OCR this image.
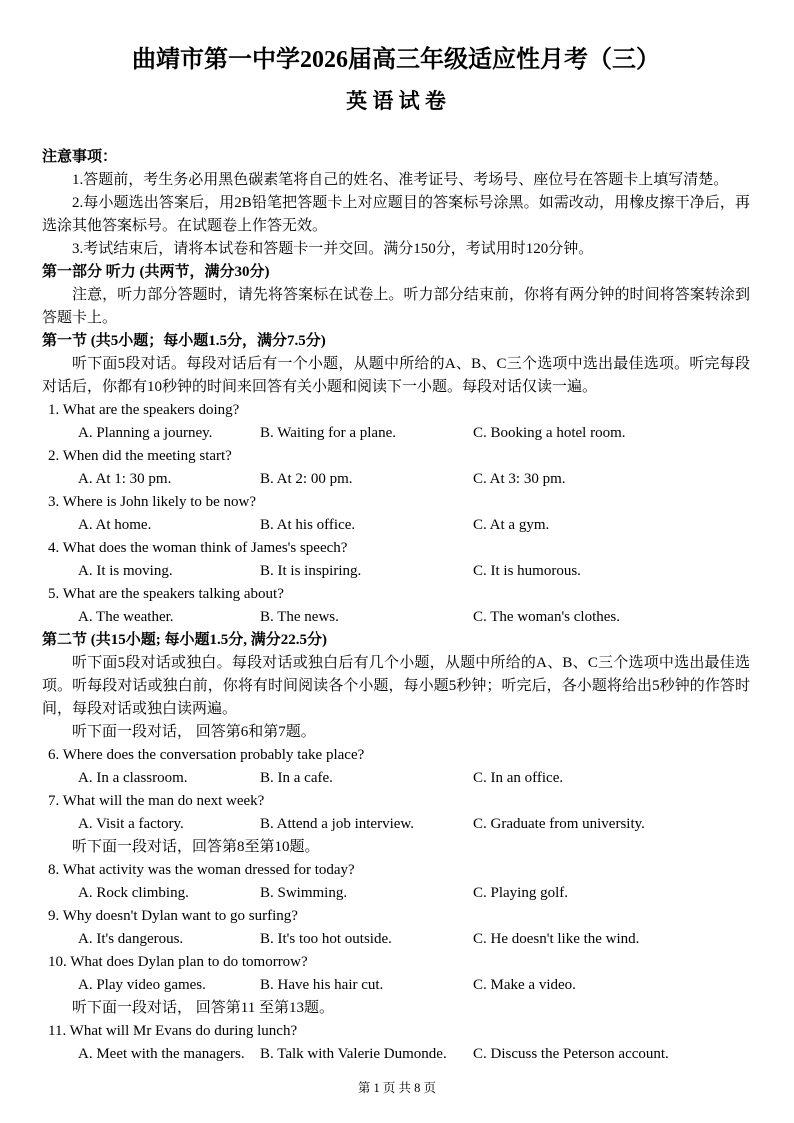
曲靖市第一中学2026届高三年级适应性月考（三）
英 语 试 卷
注意事项：

1.答题前，考生务必用黑色碳素笔将自己的姓名、准考证号、考场号、座位号在答题卡上填写清楚。

2.每小题选出答案后，用2B铅笔把答题卡上对应题目的答案标号涂黑。如需改动，用橡皮擦干净后，再选涂其他答案标号。在试题卷上作答无效。

3.考试结束后，请将本试卷和答题卡一并交回。满分150分，考试用时120分钟。

第一部分 听力 (共两节，满分30分)

注意，听力部分答题时，请先将答案标在试卷上。听力部分结束前，你将有两分钟的时间将答案转涂到答题卡上。

第一节 (共5小题；每小题1.5分，满分7.5分)

听下面5段对话。每段对话后有一个小题，从题中所给的A、B、C三个选项中选出最佳选项。听完每段对话后，你都有10秒钟的时间来回答有关小题和阅读下一小题。每段对话仅读一遍。

1. What are the speakers doing?
A. Planning a journey.	B. Waiting for a plane.	C. Booking a hotel room.
2. When did the meeting start?
A. At 1: 30 pm.	B. At 2: 00 pm.	C. At 3: 30 pm.
3. Where is John likely to be now?
A. At home.	B. At his office.	C. At a gym.
4. What does the woman think of James's speech?
A. It is moving.	B. It is inspiring.	C. It is humorous.
5. What are the speakers talking about?
A. The weather.	B. The news.	C. The woman's clothes.
第二节 (共15小题; 每小题1.5分, 满分22.5分)

听下面5段对话或独白。每段对话或独白后有几个小题，从题中所给的A、B、C三个选项中选出最佳选项。听每段对话或独白前，你将有时间阅读各个小题，每小题5秒钟；听完后，各小题将给出5秒钟的作答时间，每段对话或独白读两遍。

听下面一段对话， 回答第6和第7题。

6. Where does the conversation probably take place?
A. In a classroom.	B. In a cafe.	C. In an office.
7. What will the man do next week?
A. Visit a factory.	B. Attend a job interview.	C. Graduate from university.

听下面一段对话，回答第8至第10题。

8. What activity was the woman dressed for today?
A. Rock climbing.	B. Swimming.	C. Playing golf.
9. Why doesn't Dylan want to go surfing?
A. It's dangerous.	B. It's too hot outside.	C. He doesn't like the wind.
10. What does Dylan plan to do tomorrow?
A. Play video games.	B. Have his hair cut.	C. Make a video.

听下面一段对话， 回答第11 至第13题。

11. What will Mr Evans do during lunch?
A. Meet with the managers.	B. Talk with Valerie Dumonde.	C. Discuss the Peterson account.
第 1 页 共 8 页
